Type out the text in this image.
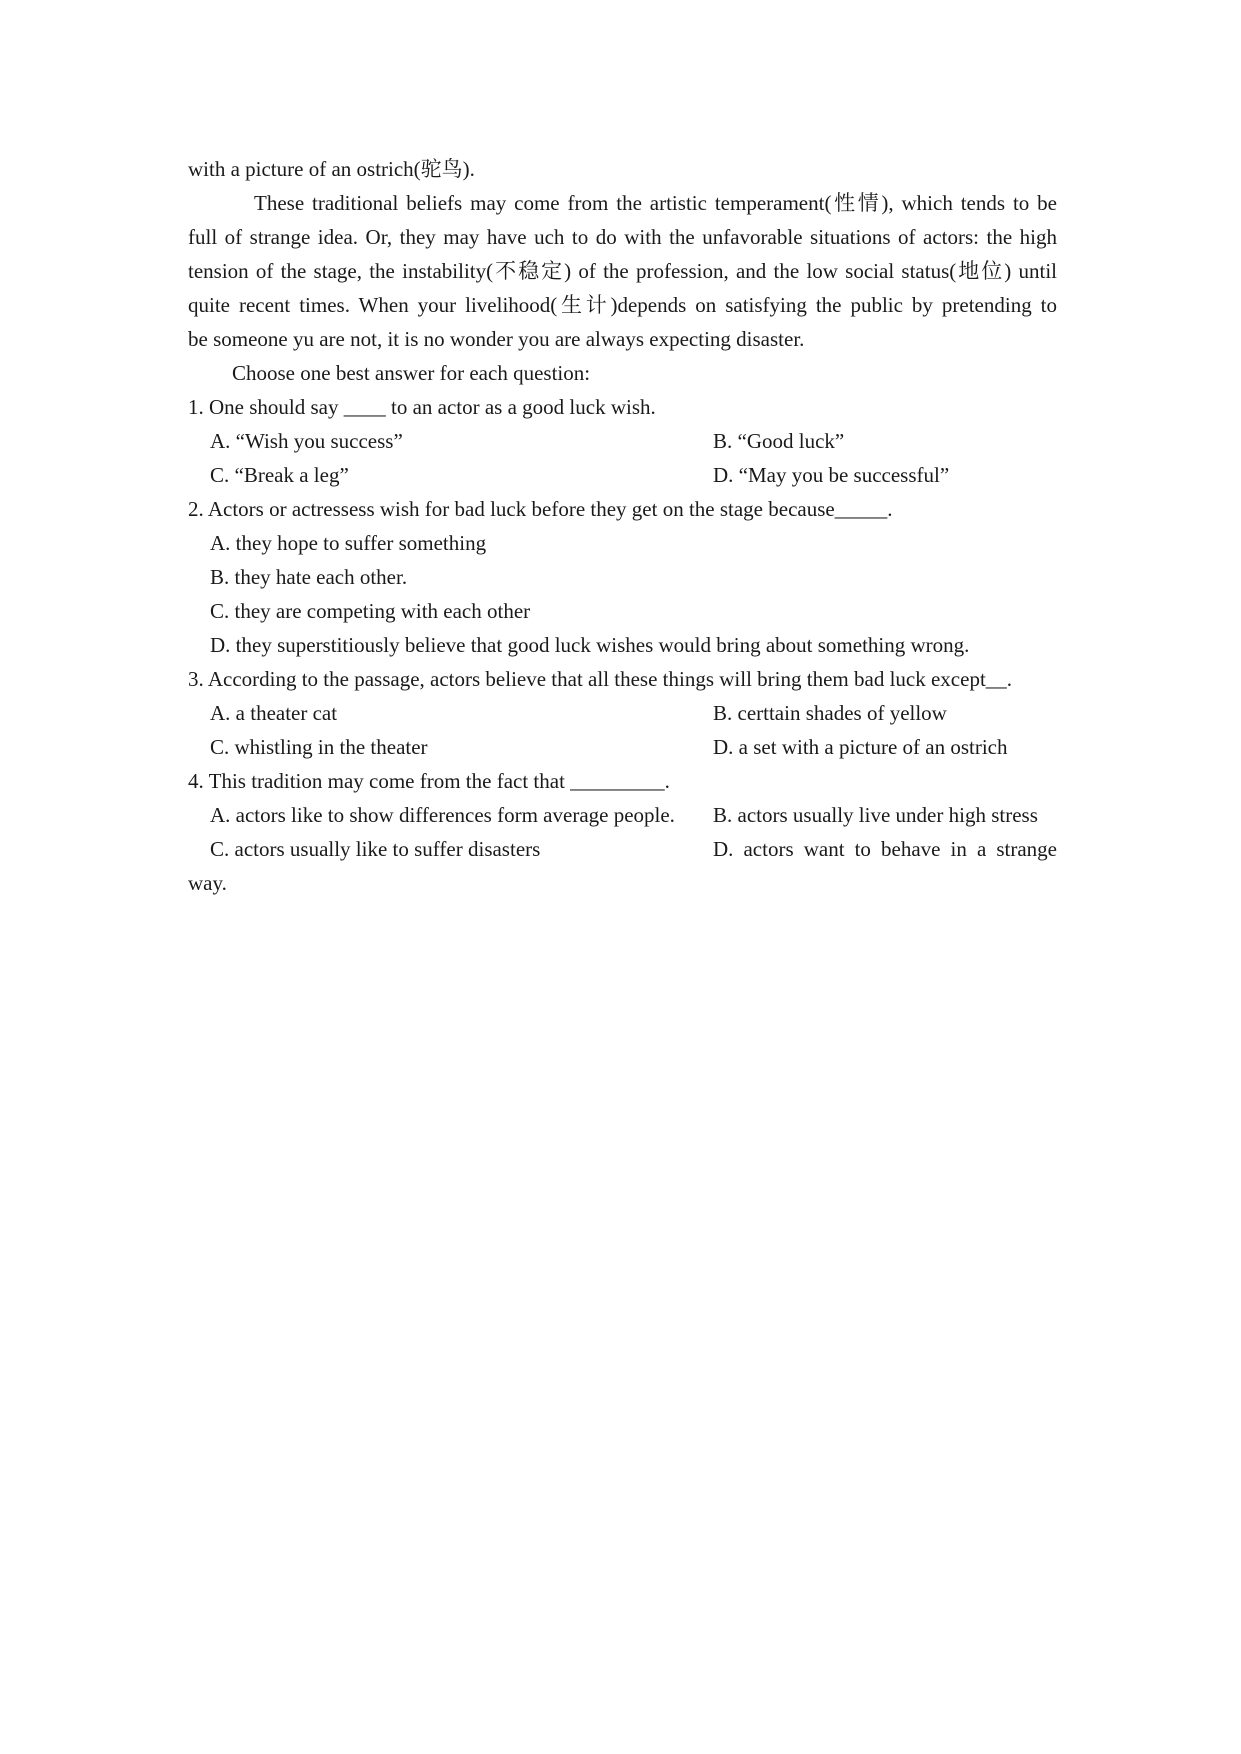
with a picture of an ostrich(驼鸟).
These traditional beliefs may come from the artistic temperament(性情), which tends to be
full of strange idea. Or, they may have uch to do with the unfavorable situations of actors: the high
tension of the stage, the instability(不稳定) of the profession, and the low social status(地位) until
quite recent times. When your livelihood(生计)depends on satisfying the public by pretending to
be someone yu are not, it is no wonder you are always expecting disaster.
Choose one best answer for each question:
1. One should say ____ to an actor as a good luck wish.
A. “Wish you success”	B. “Good luck”
C. “Break a leg”	D. “May you be successful”
2. Actors or actressess wish for bad luck before they get on the stage because_____.
A. they hope to suffer something
B. they hate each other.
C. they are competing with each other
D. they superstitiously believe that good luck wishes would bring about something wrong.
3. According to the passage, actors believe that all these things will bring them bad luck except__.
A. a theater cat	B. certtain shades of yellow
C. whistling in the theater	D. a set with a picture of an ostrich
4. This tradition may come from the fact that _________.
A. actors like to show differences form average people. B. actors usually live under high stress
C. actors usually like to suffer disasters	D. actors want to behave in a strange
way.
